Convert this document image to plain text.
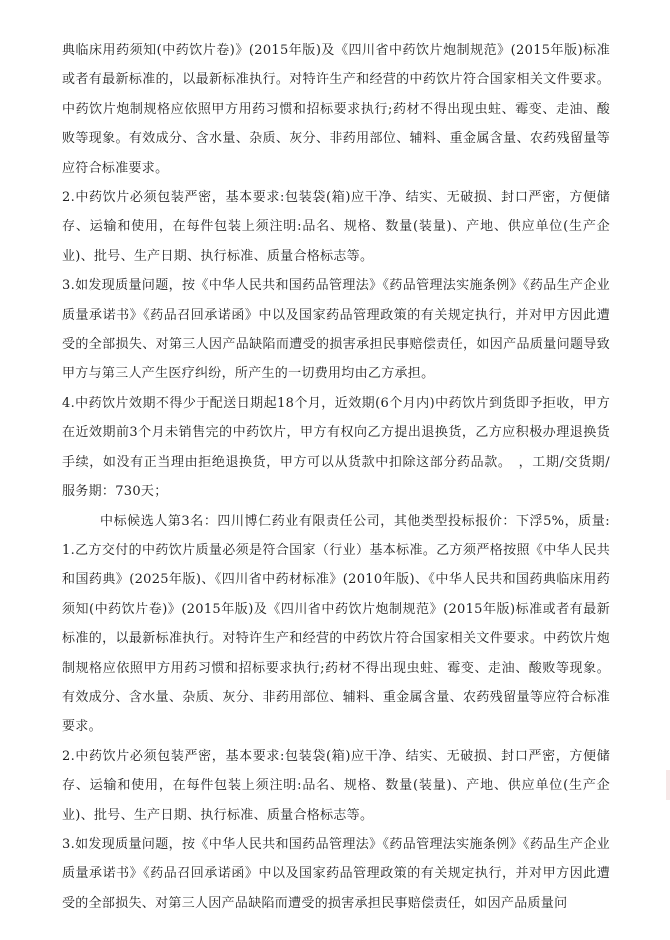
典临床用药须知(中药饮片卷)》(2015年版)及《四川省中药饮片炮制规范》(2015年版)标准或者有最新标准的，以最新标准执行。对特许生产和经营的中药饮片符合国家相关文件要求。中药饮片炮制规格应依照甲方用药习惯和招标要求执行;药材不得出现虫蛀、霉变、走油、酸败等现象。有效成分、含水量、杂质、灰分、非药用部位、辅料、重金属含量、农药残留量等应符合标准要求。

2.中药饮片必须包装严密，基本要求:包装袋(箱)应干净、结实、无破损、封口严密，方便储存、运输和使用，在每件包装上须注明:品名、规格、数量(装量)、产地、供应单位(生产企业)、批号、生产日期、执行标准、质量合格标志等。

3.如发现质量问题，按《中华人民共和国药品管理法》《药品管理法实施条例》《药品生产企业质量承诺书》《药品召回承诺函》中以及国家药品管理政策的有关规定执行，并对甲方因此遭受的全部损失、对第三人因产品缺陷而遭受的损害承担民事赔偿责任，如因产品质量问题导致甲方与第三人产生医疗纠纷，所产生的一切费用均由乙方承担。

4.中药饮片效期不得少于配送日期起18个月，近效期(6个月内)中药饮片到货即予拒收，甲方在近效期前3个月未销售完的中药饮片，甲方有权向乙方提出退换货，乙方应积极办理退换货手续，如没有正当理由拒绝退换货，甲方可以从货款中扣除这部分药品款。　，工期/交货期/服务期：730天；

中标候选人第3名：四川博仁药业有限责任公司，其他类型投标报价：下浮5%，质量:1.乙方交付的中药饮片质量必须是符合国家（行业）基本标准。乙方须严格按照《中华人民共和国药典》(2025年版)、《四川省中药材标准》(2010年版)、《中华人民共和国药典临床用药须知(中药饮片卷)》(2015年版)及《四川省中药饮片炮制规范》(2015年版)标准或者有最新标准的，以最新标准执行。对特许生产和经营的中药饮片符合国家相关文件要求。中药饮片炮制规格应依照甲方用药习惯和招标要求执行;药材不得出现虫蛀、霉变、走油、酸败等现象。有效成分、含水量、杂质、灰分、非药用部位、辅料、重金属含量、农药残留量等应符合标准要求。

2.中药饮片必须包装严密，基本要求:包装袋(箱)应干净、结实、无破损、封口严密，方便储存、运输和使用，在每件包装上须注明:品名、规格、数量(装量)、产地、供应单位(生产企业)、批号、生产日期、执行标准、质量合格标志等。

3.如发现质量问题，按《中华人民共和国药品管理法》《药品管理法实施条例》《药品生产企业质量承诺书》《药品召回承诺函》中以及国家药品管理政策的有关规定执行，并对甲方因此遭受的全部损失、对第三人因产品缺陷而遭受的损害承担民事赔偿责任，如因产品质量问
